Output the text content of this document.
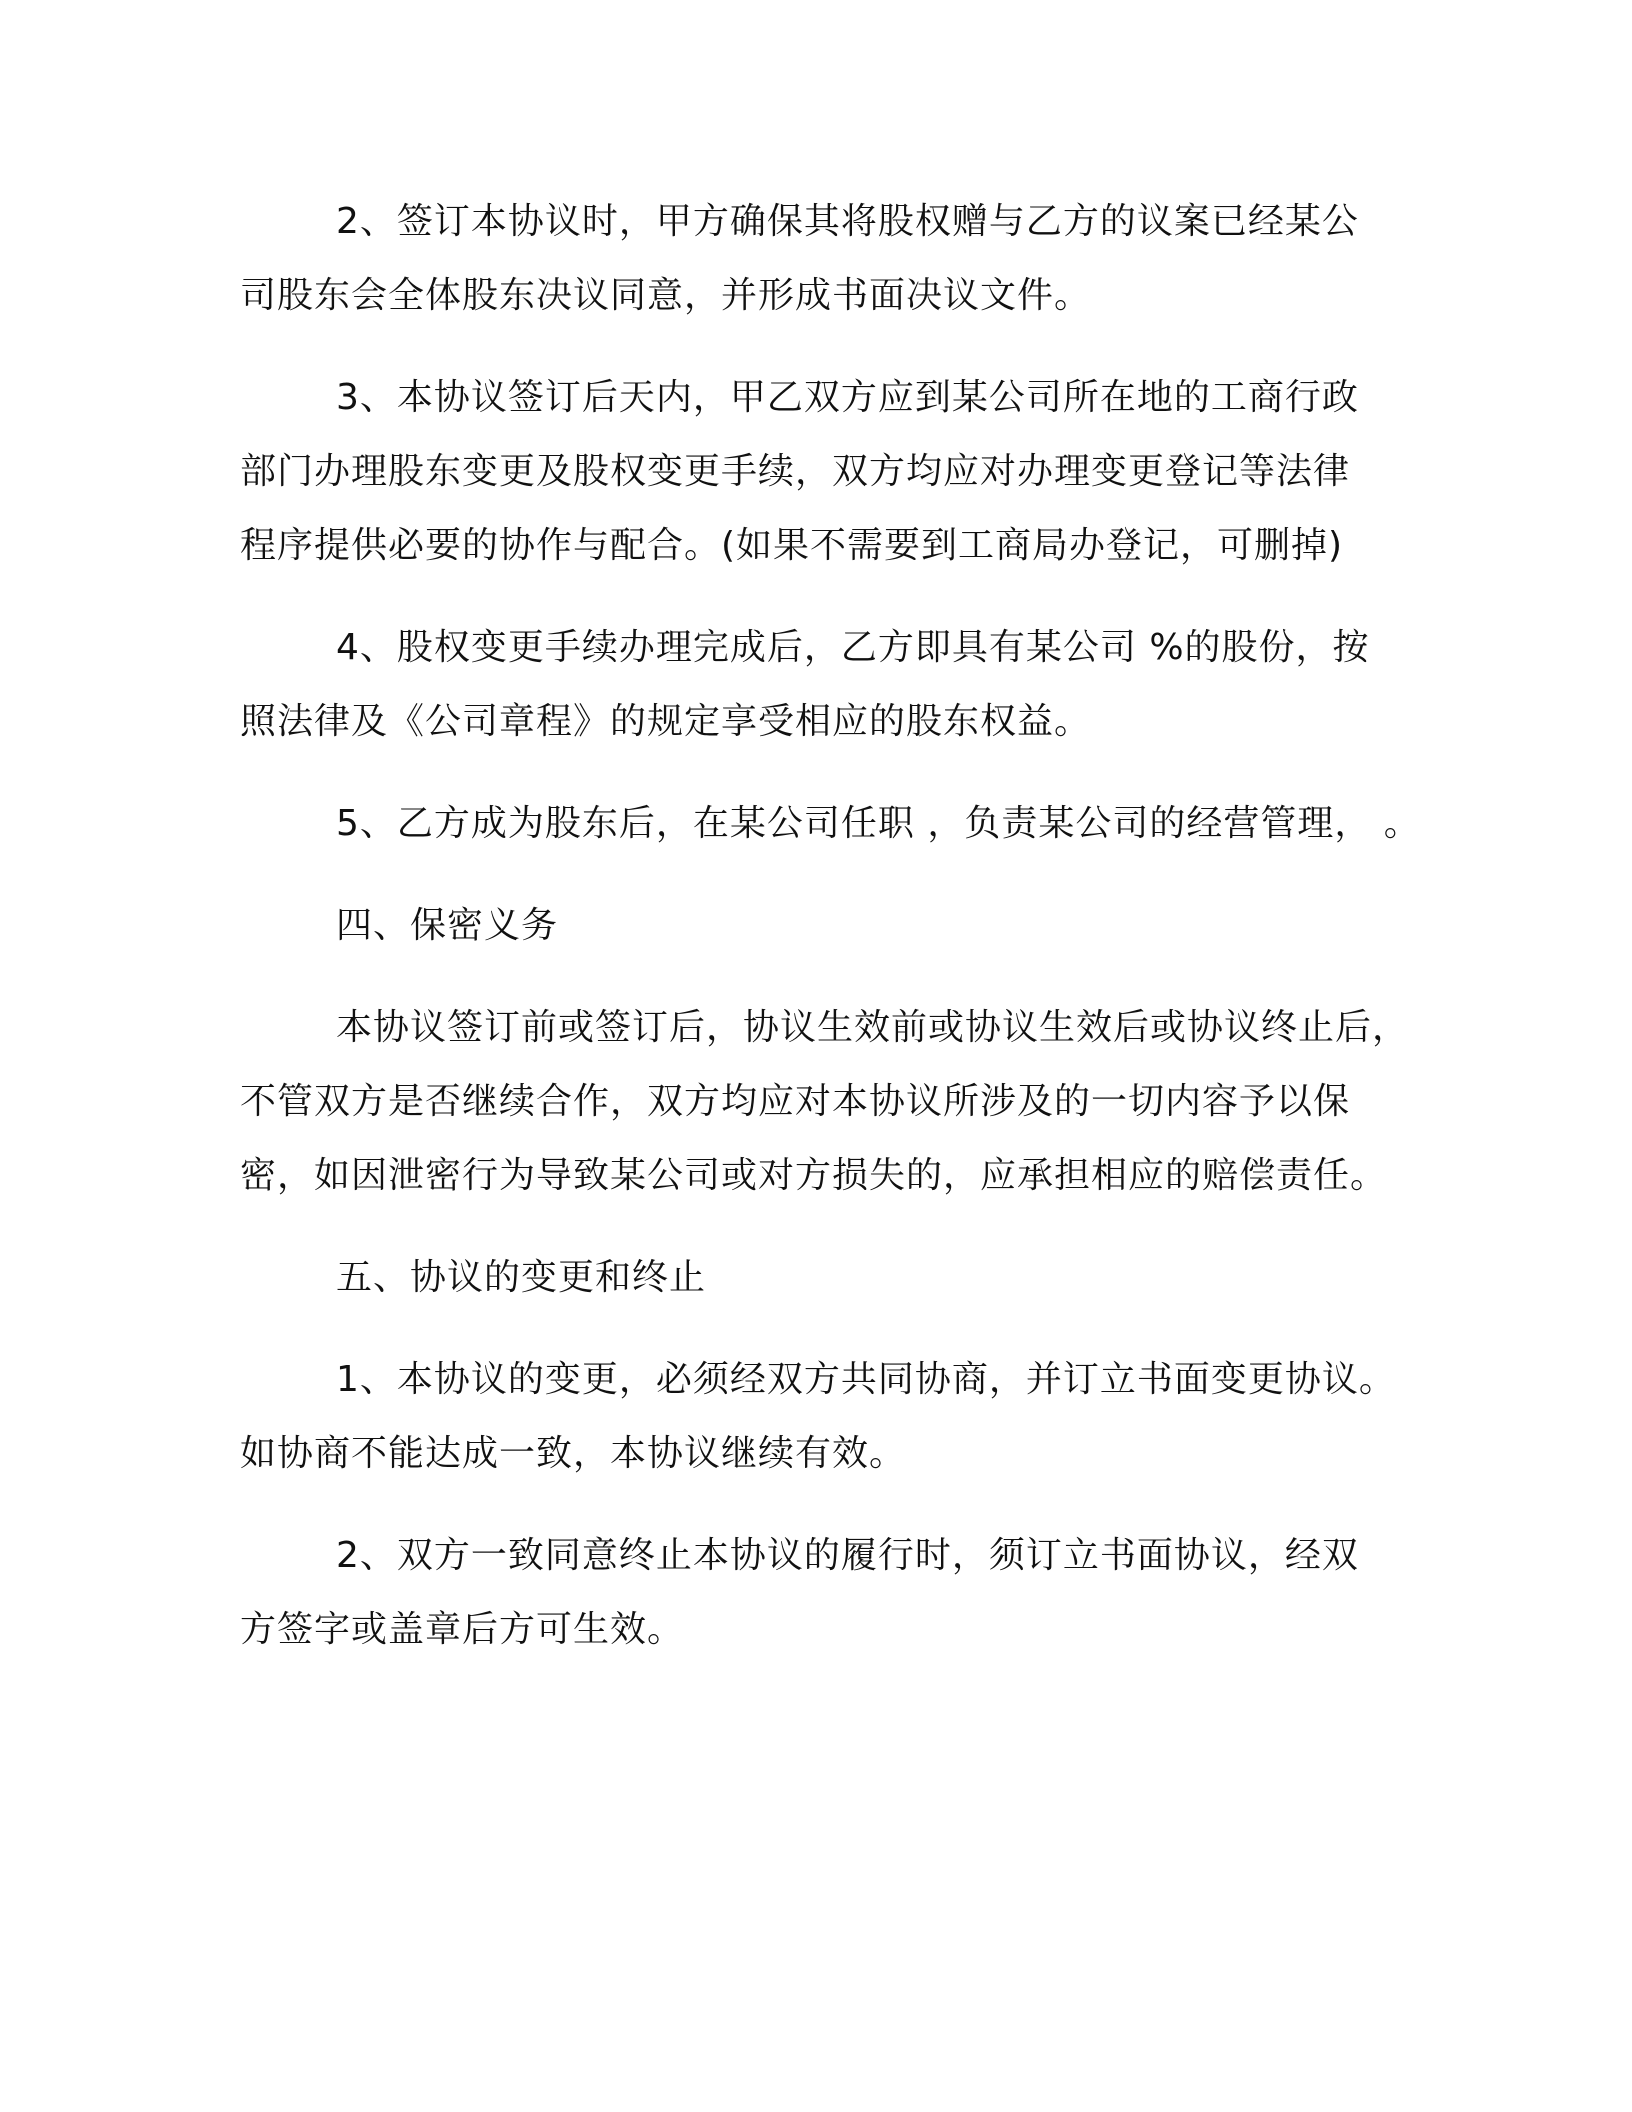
2、签订本协议时，甲方确保其将股权赠与乙方的议案已经某公
司股东会全体股东决议同意，并形成书面决议文件。

3、本协议签订后天内，甲乙双方应到某公司所在地的工商行政
部门办理股东变更及股权变更手续，双方均应对办理变更登记等法律
程序提供必要的协作与配合。(如果不需要到工商局办登记，可删掉)

4、股权变更手续办理完成后，乙方即具有某公司 %的股份，按
照法律及《公司章程》的规定享受相应的股东权益。

5、乙方成为股东后，在某公司任职 ，负责某公司的经营管理， 。

四、保密义务

本协议签订前或签订后，协议生效前或协议生效后或协议终止后，
不管双方是否继续合作，双方均应对本协议所涉及的一切内容予以保
密，如因泄密行为导致某公司或对方损失的，应承担相应的赔偿责任。

五、协议的变更和终止

1、本协议的变更，必须经双方共同协商，并订立书面变更协议。
如协商不能达成一致，本协议继续有效。

2、双方一致同意终止本协议的履行时，须订立书面协议，经双
方签字或盖章后方可生效。
